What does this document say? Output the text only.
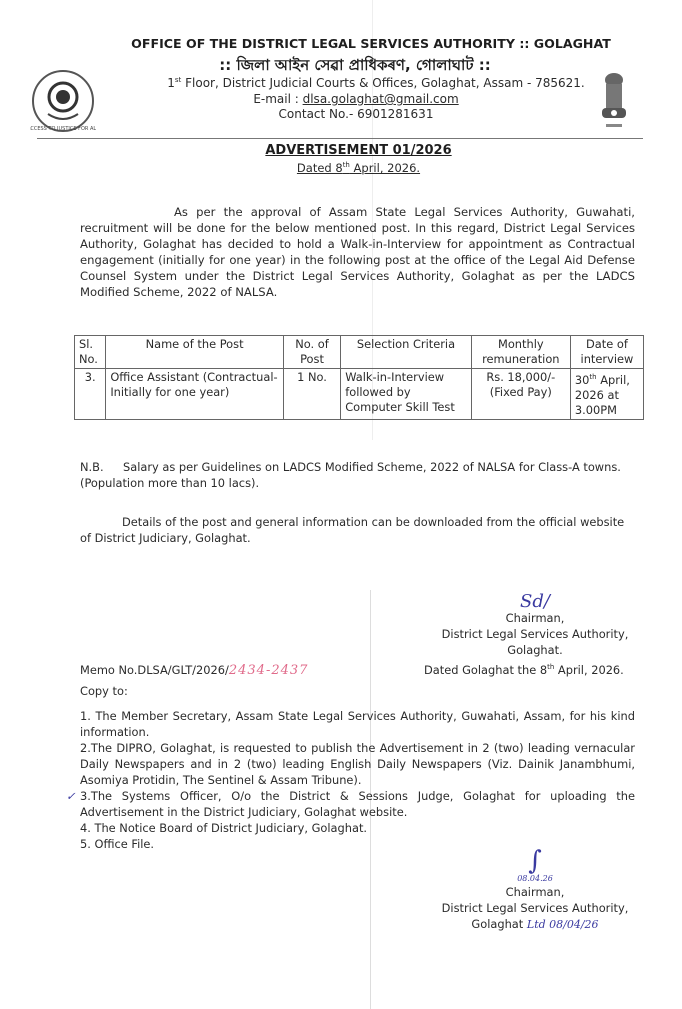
ACCESS TO JUSTICE FOR ALL
OFFICE OF THE DISTRICT LEGAL SERVICES AUTHORITY :: GOLAGHAT
:: জিলা আইন সেৱা প্ৰাধিকৰণ, গোলাঘাট ::
1st Floor, District Judicial Courts & Offices, Golaghat, Assam - 785621.
E-mail : dlsa.golaghat@gmail.com
Contact No.- 6901281631
ADVERTISEMENT 01/2026
Dated 8th April, 2026.
As per the approval of Assam State Legal Services Authority, Guwahati, recruitment will be done for the below mentioned post. In this regard, District Legal Services Authority, Golaghat has decided to hold a Walk-in-Interview for appointment as Contractual engagement (initially for one year) in the following post at the office of the Legal Aid Defense Counsel System under the District Legal Services Authority, Golaghat as per the LADCS Modified Scheme, 2022 of NALSA.
Sl. No.	Name of the Post	No. of Post	Selection Criteria	Monthly remuneration	Date of interview
3.	Office Assistant (Contractual- Initially for one year)	1 No.	Walk-in-Interview followed by Computer Skill Test	Rs. 18,000/- (Fixed Pay)	30th April, 2026 at 3.00PM
N.B. Salary as per Guidelines on LADCS Modified Scheme, 2022 of NALSA for Class-A towns. (Population more than 10 lacs).
Details of the post and general information can be downloaded from the official website of District Judiciary, Golaghat.
Sd/
Chairman,
District Legal Services Authority,
Golaghat.
Memo No.DLSA/GLT/2026/2434-2437	Dated Golaghat the 8th April, 2026.
Copy to:
1. The Member Secretary, Assam State Legal Services Authority, Guwahati, Assam, for his kind information.
2.The DIPRO, Golaghat, is requested to publish the Advertisement in 2 (two) leading vernacular Daily Newspapers and in 2 (two) leading English Daily Newspapers (Viz. Dainik Janambhumi, Asomiya Protidin, The Sentinel & Assam Tribune).
✓ 3.The Systems Officer, O/o the District & Sessions Judge, Golaghat for uploading the Advertisement in the District Judiciary, Golaghat website.
4. The Notice Board of District Judiciary, Golaghat.
5. Office File.
∫
08.04.26
Chairman,
District Legal Services Authority,
Golaghat Ltd 08/04/26
